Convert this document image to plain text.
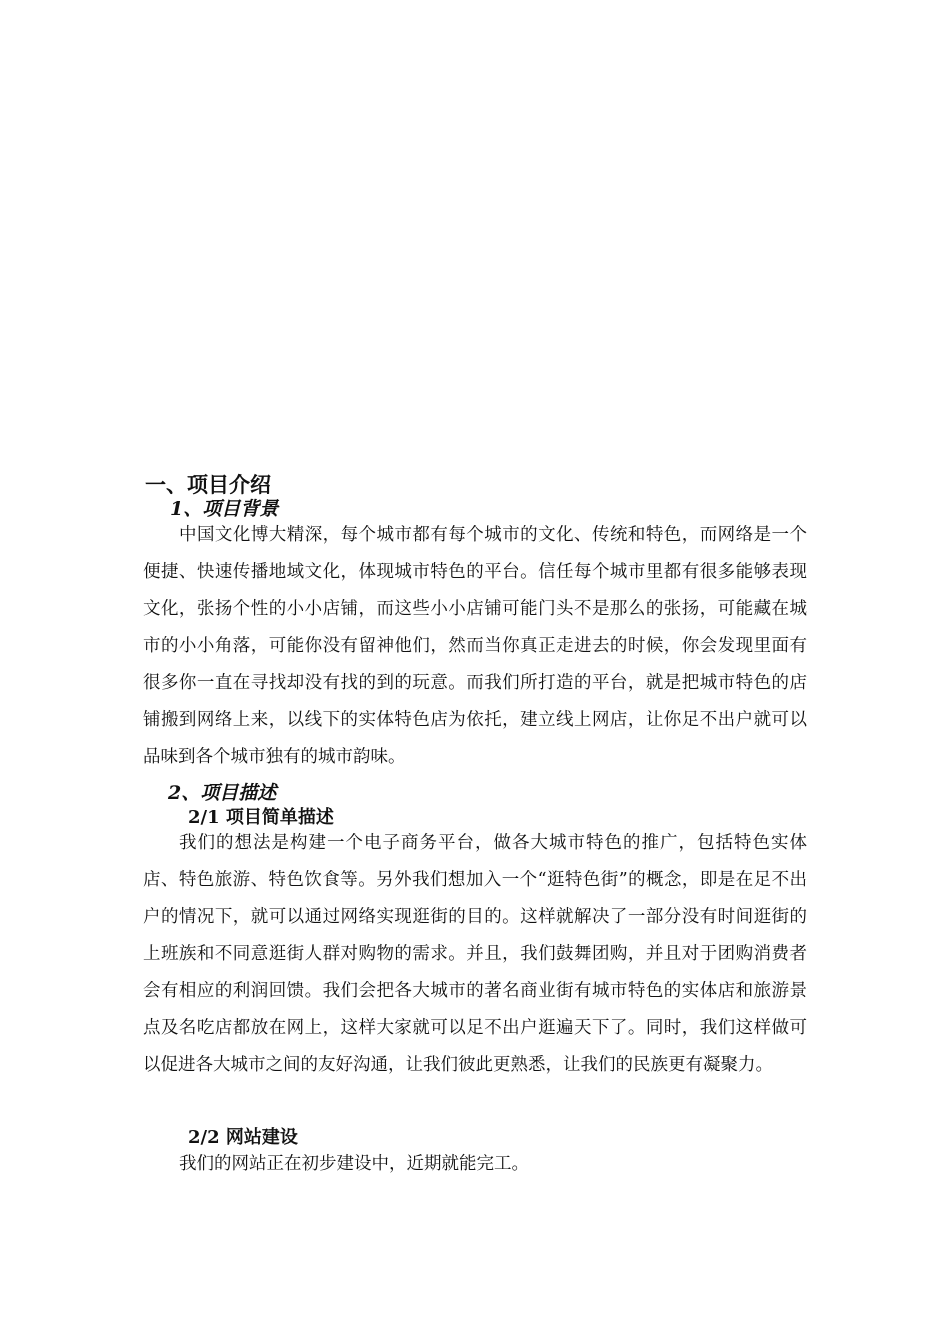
一、项目介绍
1、项目背景

中国文化博大精深，每个城市都有每个城市的文化、传统和特色，而网络是一个便捷、快速传播地域文化，体现城市特色的平台。信任每个城市里都有很多能够表现文化，张扬个性的小小店铺，而这些小小店铺可能门头不是那么的张扬，可能藏在城市的小小角落，可能你没有留神他们，然而当你真正走进去的时候，你会发现里面有很多你一直在寻找却没有找的到的玩意。而我们所打造的平台，就是把城市特色的店铺搬到网络上来，以线下的实体特色店为依托，建立线上网店，让你足不出户就可以品味到各个城市独有的城市韵味。

2、项目描述
2/1 项目简单描述

我们的想法是构建一个电子商务平台，做各大城市特色的推广，包括特色实体店、特色旅游、特色饮食等。另外我们想加入一个“逛特色街”的概念，即是在足不出户的情况下，就可以通过网络实现逛街的目的。这样就解决了一部分没有时间逛街的上班族和不同意逛街人群对购物的需求。并且，我们鼓舞团购，并且对于团购消费者会有相应的利润回馈。我们会把各大城市的著名商业街有城市特色的实体店和旅游景点及名吃店都放在网上，这样大家就可以足不出户逛遍天下了。同时，我们这样做可以促进各大城市之间的友好沟通，让我们彼此更熟悉，让我们的民族更有凝聚力。

2/2 网站建设

我们的网站正在初步建设中，近期就能完工。
